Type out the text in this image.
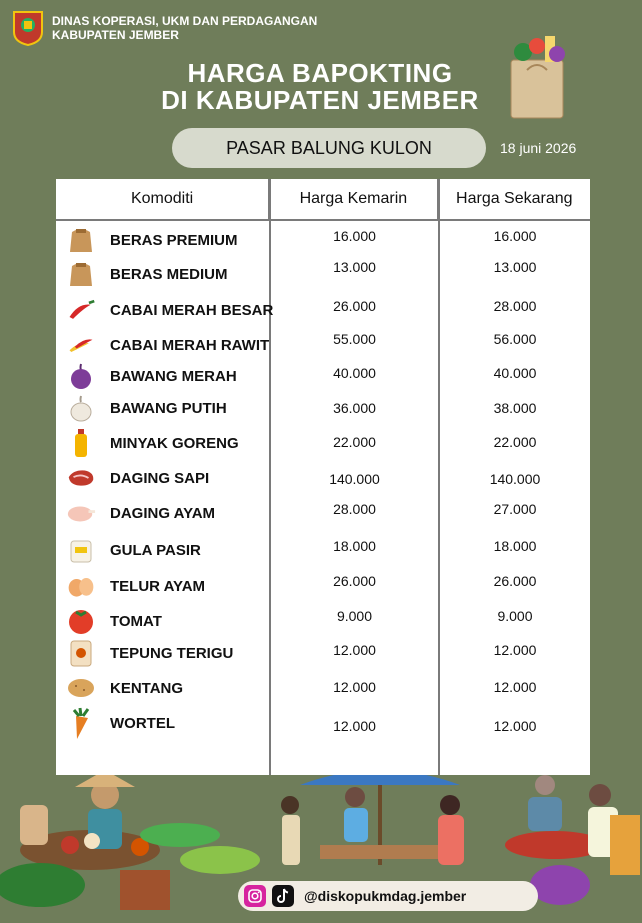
DINAS KOPERASI, UKM DAN PERDAGANGAN
KABUPATEN JEMBER
HARGA BAPOKTING
DI KABUPATEN JEMBER
PASAR BALUNG KULON	18 juni 2026
Komoditi	Harga Kemarin	Harga Sekarang
BERAS PREMIUM	16.000	16.000
BERAS MEDIUM	13.000	13.000
CABAI MERAH BESAR	26.000	28.000
CABAI MERAH RAWIT	55.000	56.000
BAWANG MERAH	40.000	40.000
BAWANG PUTIH	36.000	38.000
MINYAK GORENG	22.000	22.000
DAGING SAPI	140.000	140.000
DAGING AYAM	28.000	27.000
GULA PASIR	18.000	18.000
TELUR AYAM	26.000	26.000
TOMAT	9.000	9.000
TEPUNG TERIGU	12.000	12.000
KENTANG	12.000	12.000
WORTEL	12.000	12.000
@diskopukmdag.jember
